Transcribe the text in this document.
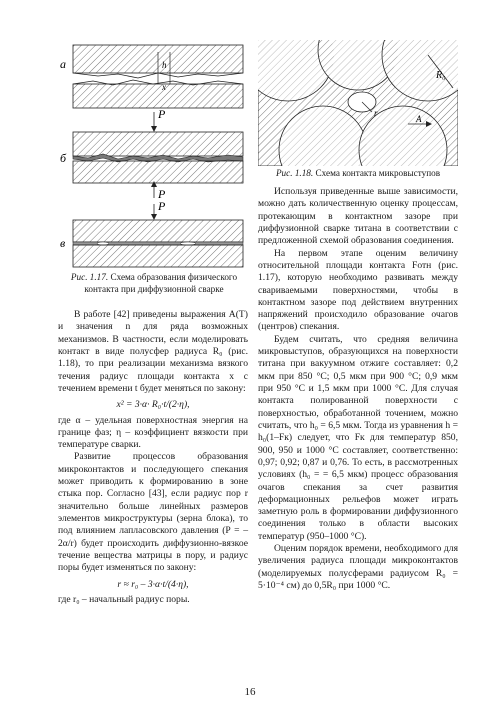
а	h
x
P
б
P
P
в
Рис. 1.17. Схема образования физического контакта при диффузионной сварке
R₀
r
A
Рис. 1.18. Схема контакта микровыступов

В работе [42] приведены выражения A(T) и значения n для ряда возможных механизмов. В частности, если моделировать контакт в виде полусфер радиуса R₀ (рис. 1.18), то при реализации механизма вязкого течения радиус площади контакта x с течением времени t будет меняться по закону:

x² = 3·α· R₀·t/(2·η),

где α – удельная поверхностная энергия на границе фаз; η – коэффициент вязкости при температуре сварки.

Развитие процессов образования микроконтактов и последующего спекания может приводить к формированию в зоне стыка пор. Согласно [43], если радиус пор r значительно больше линейных размеров элементов микроструктуры (зерна блока), то под влиянием лапласовского давления (P = –2α/r) будет происходить диффузионно-вязкое течение вещества матрицы в пору, и радиус поры будет изменяться по закону:

r ≈ r₀ – 3·α·t/(4·η),

где r₀ – начальный радиус поры.

Используя приведенные выше зависимости, можно дать количественную оценку процессам, протекающим в контактном зазоре при диффузионной сварке титана в соответствии с предложенной схемой образования соединения.

На первом этапе оценим величину относительной площади контакта Fотн (рис. 1.17), которую необходимо развивать между свариваемыми поверхностями, чтобы в контактном зазоре под действием внутренних напряжений происходило образование очагов (центров) спекания.

Будем считать, что средняя величина микровыступов, образующихся на поверхности титана при вакуумном отжиге составляет: 0,2 мкм при 850 °С; 0,5 мкм при 900 °С; 0,9 мкм при 950 °С и 1,5 мкм при 1000 °С. Для случая контакта полированной поверхности с поверхностью, обработанной точением, можно считать, что h₀ = 6,5 мкм. Тогда из уравнения h = h₀(1–Fк) следует, что Fк для температур 850, 900, 950 и 1000 °С составляет, соответственно: 0,97; 0,92; 0,87 и 0,76. То есть, в рассмотренных условиях (h₀ = = 6,5 мкм) процесс образования очагов спекания за счет развития деформационных рельефов может играть заметную роль в формировании диффузионного соединения только в области высоких температур (950–1000 °С).

Оценим порядок времени, необходимого для увеличения радиуса площади микроконтактов (моделируемых полусферами радиусом R₀ = 5·10⁻⁴ см) до 0,5R₀ при 1000 °С.

16
